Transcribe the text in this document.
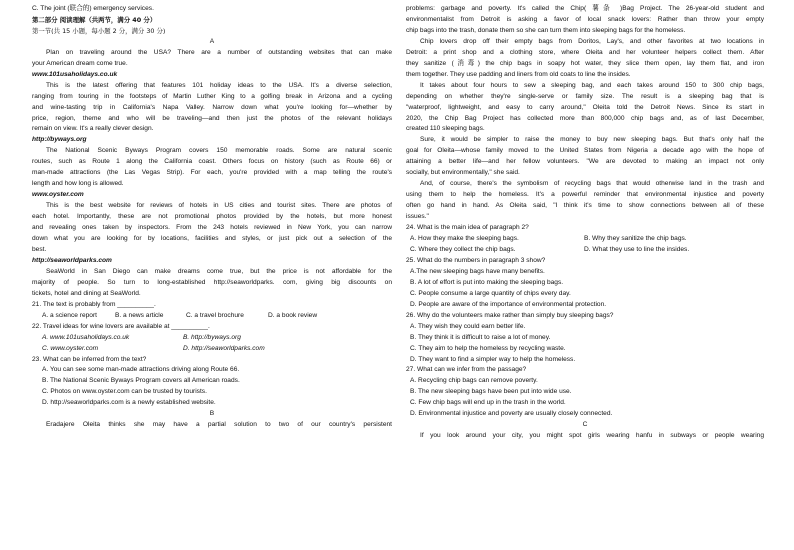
C. The joint (联合的) emergency services.
第二部分 阅读理解（共两节，满分 40 分）
第一节(共 15 小题，每小题 2 分，满分 30 分)
A
Plan on traveling around the USA? There are a number of outstanding websites that can make
your American dream come true.
www.101usaholidays.co.uk
This is the latest offering that features 101 holiday ideas to the USA. It's a diverse selection,
ranging from touring in the footsteps of Martin Luther King to a golfing break in Arizona and a cycling
and wine-tasting trip in California's Napa Valley. Narrow down what you're looking for—whether by
price, region, theme and who will be traveling—and then just the photos of the relevant holidays
remain on view. It's a really clever design.
http://byways.org
The National Scenic Byways Program covers 150 memorable roads. Some are natural scenic
routes, such as Route 1 along the California coast. Others focus on history (such as Route 66) or
man-made attractions (the Las Vegas Strip). For each, you're provided with a map telling the route's
length and how long is allowed.
www.oyster.com
This is the best website for reviews of hotels in US cities and tourist sites. There are photos of
each hotel. Importantly, these are not promotional photos provided by the hotels, but more honest
and revealing ones taken by inspectors. From the 243 hotels reviewed in New York, you can narrow
down what you are looking for by locations, facilities and styles, or just pick out a selection of the
best.
http://seaworldparks.com
SeaWorld in San Diego can make dreams come true, but the price is not affordable for the
majority of people. So turn to long-established http://seaworldparks. com, giving big discounts on
tickets, hotel and dining at SeaWorld.
21. The text is probably from __________.
A. a science report	B. a news article	C. a travel brochure	D. a book review
22. Travel ideas for wine lovers are available at __________.
A. www.101usaholidays.co.uk	B. http://byways.org
C. www.oyster.com	D. http://seaworldparks.com
23. What can be inferred from the text?
A. You can see some man-made attractions driving along Route 66.
B. The National Scenic Byways Program covers all American roads.
C. Photos on www.oyster.com can be trusted by tourists.
D. http://seaworldparks.com is a newly established website.
B
Eradajere Oleita thinks she may have a partial solution to two of our country's persistent
problems: garbage and poverty. It's called the Chip( 薯条 )Bag Project. The 26-year-old student and
environmentalist from Detroit is asking a favor of local snack lovers: Rather than throw your empty
chip bags into the trash, donate them so she can turn them into sleeping bags for the homeless.
Chip lovers drop off their empty bags from Doritos, Lay's, and other favorites at two locations in
Detroit: a print shop and a clothing store, where Oleita and her volunteer helpers collect them. After
they sanitize (消毒) the chip bags in soapy hot water, they slice them open, lay them flat, and iron
them together. They use padding and liners from old coats to line the insides.
It takes about four hours to sew a sleeping bag, and each takes around 150 to 300 chip bags,
depending on whether they're single-serve or family size. The result is a sleeping bag that is
"waterproof, lightweight, and easy to carry around," Oleita told the Detroit News. Since its start in
2020, the Chip Bag Project has collected more than 800,000 chip bags and, as of last December,
created 110 sleeping bags.
Sure, it would be simpler to raise the money to buy new sleeping bags. But that's only half the
goal for Oleita—whose family moved to the United States from Nigeria a decade ago with the hope of
attaining a better life—and her fellow volunteers. "We are devoted to making an impact not only
socially, but environmentally," she said.
And, of course, there's the symbolism of recycling bags that would otherwise land in the trash and
using them to help the homeless. It's a powerful reminder that environmental injustice and poverty
often go hand in hand. As Oleita said, "I think it's time to show connections between all of these
issues."
24. What is the main idea of paragraph 2?
A. How they make the sleeping bags.	B. Why they sanitize the chip bags.
C. Where they collect the chip bags.	D. What they use to line the insides.
25. What do the numbers in paragraph 3 show?
A.The new sleeping bags have many benefits.
B. A lot of effort is put into making the sleeping bags.
C. People consume a large quantity of chips every day.
D. People are aware of the importance of environmental protection.
26. Why do the volunteers make rather than simply buy sleeping bags?
A. They wish they could earn better life.
B. They think it is difficult to raise a lot of money.
C. They aim to help the homeless by recycling waste.
D. They want to find a simpler way to help the homeless.
27. What can we infer from the passage?
A. Recycling chip bags can remove poverty.
B. The new sleeping bags have been put into wide use.
C. Few chip bags will end up in the trash in the world.
D. Environmental injustice and poverty are usually closely connected.
C
If you look around your city, you might spot girls wearing hanfu in subways or people wearing
